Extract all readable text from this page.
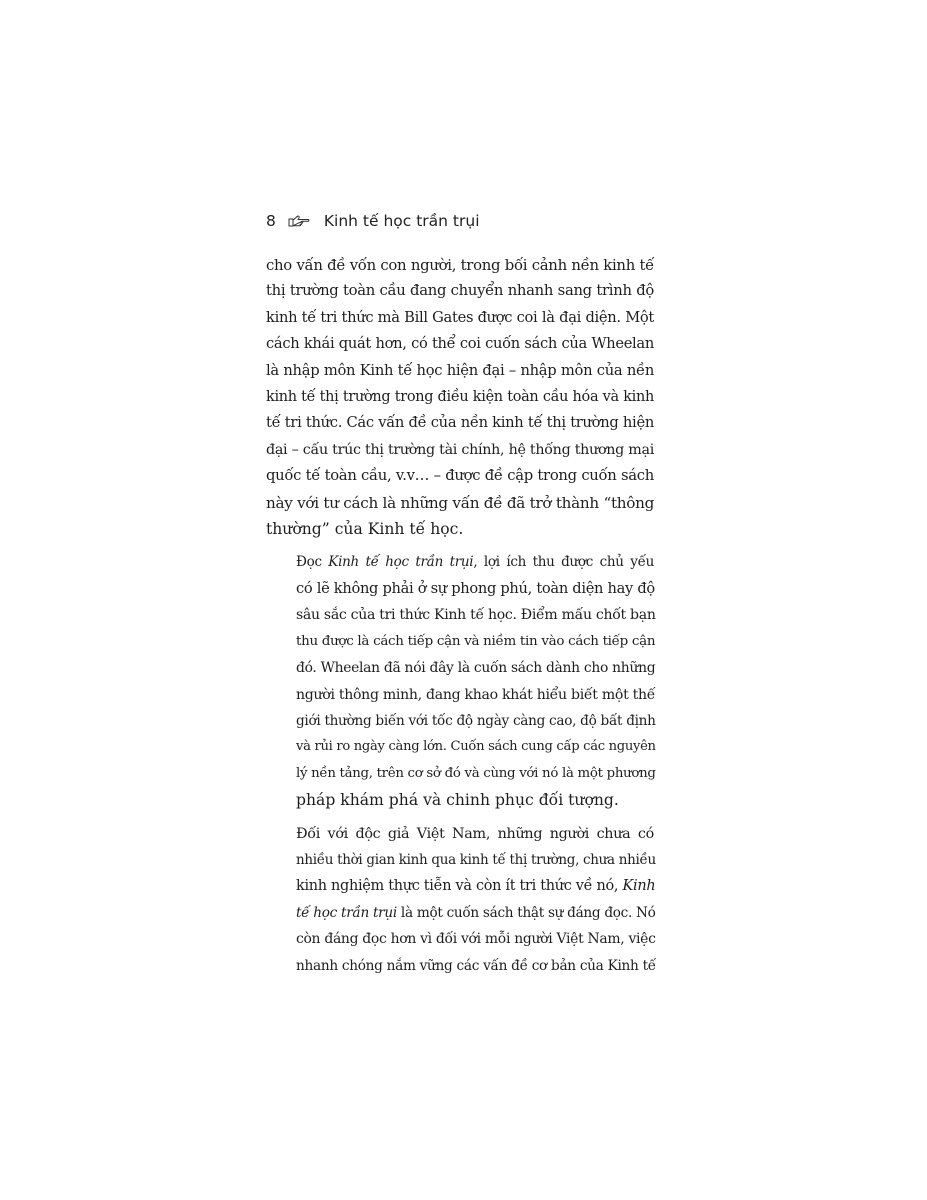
8	Kinh tế học trần trụi

cho vấn đề vốn con người, trong bối cảnh nền kinh tế
thị trường toàn cầu đang chuyển nhanh sang trình độ
kinh tế tri thức mà Bill Gates được coi là đại diện. Một
cách khái quát hơn, có thể coi cuốn sách của Wheelan
là nhập môn Kinh tế học hiện đại – nhập môn của nền
kinh tế thị trường trong điều kiện toàn cầu hóa và kinh
tế tri thức. Các vấn đề của nền kinh tế thị trường hiện
đại – cấu trúc thị trường tài chính, hệ thống thương mại
quốc tế toàn cầu, v.v… – được đề cập trong cuốn sách
này với tư cách là những vấn đề đã trở thành “thông
thường” của Kinh tế học.

Đọc Kinh tế học trần trụi, lợi ích thu được chủ yếu
có lẽ không phải ở sự phong phú, toàn diện hay độ
sâu sắc của tri thức Kinh tế học. Điểm mấu chốt bạn
thu được là cách tiếp cận và niềm tin vào cách tiếp cận
đó. Wheelan đã nói đây là cuốn sách dành cho những
người thông minh, đang khao khát hiểu biết một thế
giới thường biến với tốc độ ngày càng cao, độ bất định
và rủi ro ngày càng lớn. Cuốn sách cung cấp các nguyên
lý nền tảng, trên cơ sở đó và cùng với nó là một phương
pháp khám phá và chinh phục đối tượng.

Đối với độc giả Việt Nam, những người chưa có
nhiều thời gian kinh qua kinh tế thị trường, chưa nhiều
kinh nghiệm thực tiễn và còn ít tri thức về nó, Kinh
tế học trần trụi là một cuốn sách thật sự đáng đọc. Nó
còn đáng đọc hơn vì đối với mỗi người Việt Nam, việc
nhanh chóng nắm vững các vấn đề cơ bản của Kinh tế
